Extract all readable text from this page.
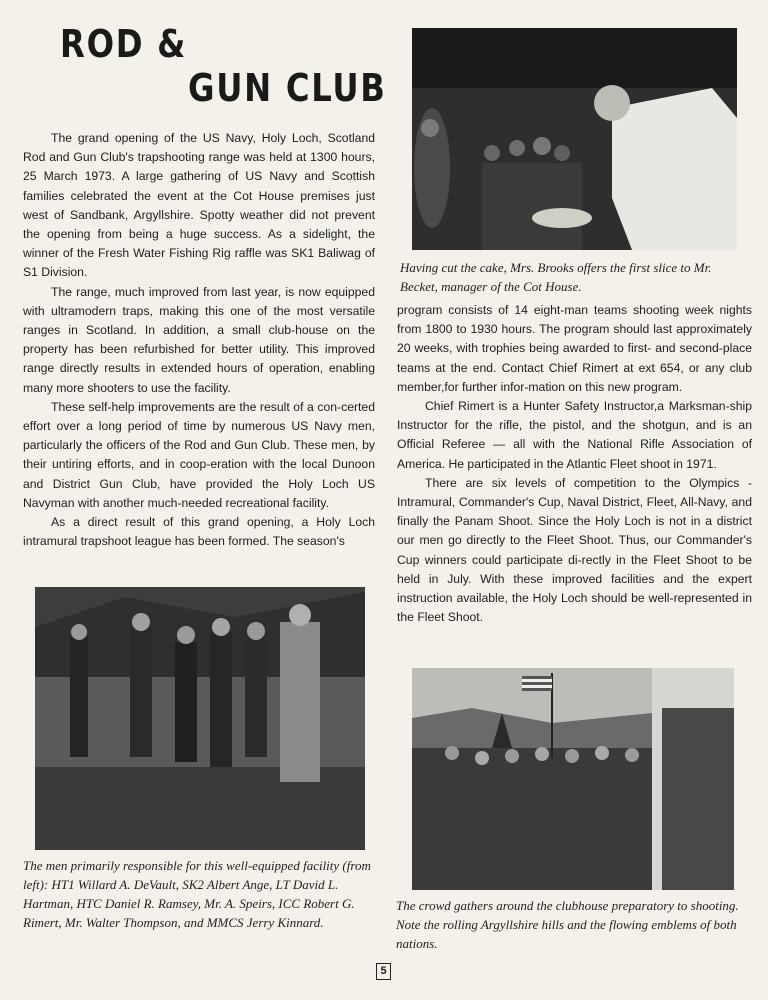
ROD &
GUN CLUB

The grand opening of the US Navy, Holy Loch, Scotland Rod and Gun Club's trapshooting range was held at 1300 hours, 25 March 1973. A large gathering of US Navy and Scottish families celebrated the event at the Cot House premises just west of Sandbank, Argyllshire. Spotty weather did not prevent the opening from being a huge success. As a sidelight, the winner of the Fresh Water Fishing Rig raffle was SK1 Baliwag of S1 Division.

The range, much improved from last year, is now equipped with ultramodern traps, making this one of the most versatile ranges in Scotland. In addition, a small club-house on the property has been refurbished for better utility. This improved range directly results in extended hours of operation, enabling many more shooters to use the facility.

These self-help improvements are the result of a con-certed effort over a long period of time by numerous US Navy men, particularly the officers of the Rod and Gun Club. These men, by their untiring efforts, and in coop-eration with the local Dunoon and District Gun Club, have provided the Holy Loch US Navyman with another much-needed recreational facility.

As a direct result of this grand opening, a Holy Loch intramural trapshoot league has been formed. The season's

Having cut the cake, Mrs. Brooks offers the first slice to Mr. Becket, manager of the Cot House.

program consists of 14 eight-man teams shooting week nights from 1800 to 1930 hours. The program should last approximately 20 weeks, with trophies being awarded to first- and second-place teams at the end. Contact Chief Rimert at ext 654, or any club member,for further infor-mation on this new program.

Chief Rimert is a Hunter Safety Instructor,a Marksman-ship Instructor for the rifle, the pistol, and the shotgun, and is an Official Referee — all with the National Rifle Association of America. He participated in the Atlantic Fleet shoot in 1971.

There are six levels of competition to the Olympics - Intramural, Commander's Cup, Naval District, Fleet, All-Navy, and finally the Panam Shoot. Since the Holy Loch is not in a district our men go directly to the Fleet Shoot. Thus, our Commander's Cup winners could participate di-rectly in the Fleet Shoot to be held in July. With these improved facilities and the expert instruction available, the Holy Loch should be well-represented in the Fleet Shoot.

The men primarily responsible for this well-equipped facility (from left): HT1 Willard A. DeVault, SK2 Albert Ange, LT David L. Hartman, HTC Daniel R. Ramsey, Mr. A. Speirs, ICC Robert G. Rimert, Mr. Walter Thompson, and MMCS Jerry Kinnard.

The crowd gathers around the clubhouse preparatory to shooting. Note the rolling Argyllshire hills and the flowing emblems of both nations.

5
